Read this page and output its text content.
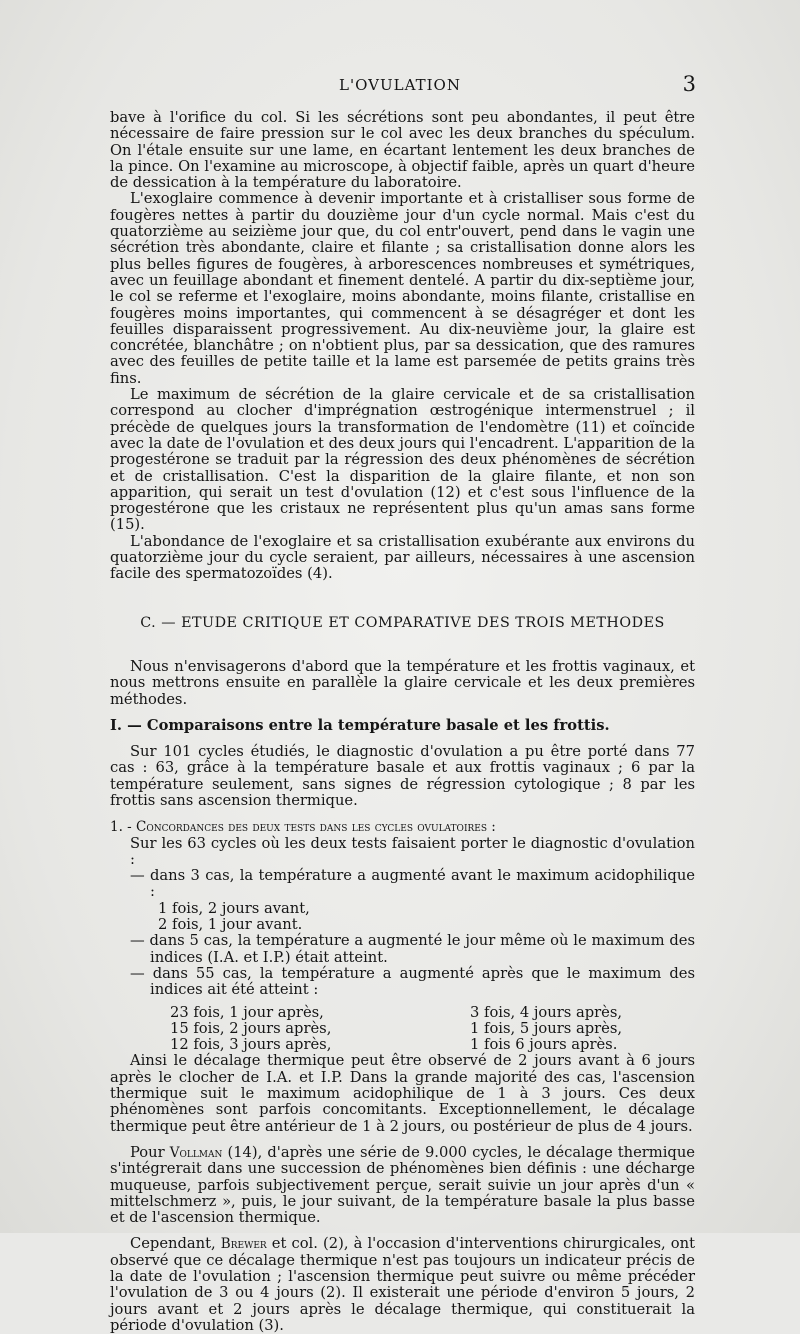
L'OVULATION	3

bave à l'orifice du col. Si les sécrétions sont peu abondantes, il peut être nécessaire de faire pression sur le col avec les deux branches du spéculum. On l'étale ensuite sur une lame, en écartant lentement les deux branches de la pince. On l'examine au microscope, à objectif faible, après un quart d'heure de dessication à la température du laboratoire.

L'exoglaire commence à devenir importante et à cristalliser sous forme de fougères nettes à partir du douzième jour d'un cycle normal. Mais c'est du quatorzième au seizième jour que, du col entr'ouvert, pend dans le vagin une sécrétion très abondante, claire et filante ; sa cristallisation donne alors les plus belles figures de fougères, à arborescences nombreuses et symétriques, avec un feuillage abondant et finement dentelé. A partir du dix-septième jour, le col se referme et l'exoglaire, moins abondante, moins filante, cristallise en fougères moins importantes, qui commencent à se désagréger et dont les feuilles disparaissent progressivement. Au dix-neuvième jour, la glaire est concrétée, blanchâtre ; on n'obtient plus, par sa dessication, que des ramures avec des feuilles de petite taille et la lame est parsemée de petits grains très fins.

Le maximum de sécrétion de la glaire cervicale et de sa cristallisation correspond au clocher d'imprégnation œstrogénique intermenstruel ; il précède de quelques jours la transformation de l'endomètre (11) et coïncide avec la date de l'ovulation et des deux jours qui l'encadrent. L'apparition de la progestérone se traduit par la régression des deux phénomènes de sécrétion et de cristallisation. C'est la disparition de la glaire filante, et non son apparition, qui serait un test d'ovulation (12) et c'est sous l'influence de la progestérone que les cristaux ne représentent plus qu'un amas sans forme (15).

L'abondance de l'exoglaire et sa cristallisation exubérante aux environs du quatorzième jour du cycle seraient, par ailleurs, nécessaires à une ascension facile des spermatozoïdes (4).

C. — ETUDE CRITIQUE ET COMPARATIVE DES TROIS METHODES

Nous n'envisagerons d'abord que la température et les frottis vaginaux, et nous mettrons ensuite en parallèle la glaire cervicale et les deux premières méthodes.

I. — Comparaisons entre la température basale et les frottis.

Sur 101 cycles étudiés, le diagnostic d'ovulation a pu être porté dans 77 cas : 63, grâce à la température basale et aux frottis vaginaux ; 6 par la température seulement, sans signes de régression cytologique ; 8 par les frottis sans ascension thermique.

1. - Concordances des deux tests dans les cycles ovulatoires :

Sur les 63 cycles où les deux tests faisaient porter le diagnostic d'ovulation :

— dans 3 cas, la température a augmenté avant le maximum acidophilique :

1 fois, 2 jours avant,

2 fois, 1 jour avant.

— dans 5 cas, la température a augmenté le jour même où le maximum des indices (I.A. et I.P.) était atteint.

— dans 55 cas, la température a augmenté après que le maximum des indices ait été atteint :

23 fois, 1 jour après,
15 fois, 2 jours après,
12 fois, 3 jours après,
3 fois, 4 jours après,
1 fois, 5 jours après,
1 fois 6 jours après.

Ainsi le décalage thermique peut être observé de 2 jours avant à 6 jours après le clocher de I.A. et I.P. Dans la grande majorité des cas, l'ascension thermique suit le maximum acidophilique de 1 à 3 jours. Ces deux phénomènes sont parfois concomitants. Exceptionnellement, le décalage thermique peut être antérieur de 1 à 2 jours, ou postérieur de plus de 4 jours.

Pour Vollman (14), d'après une série de 9.000 cycles, le décalage thermique s'intégrerait dans une succession de phénomènes bien définis : une décharge muqueuse, parfois subjectivement perçue, serait suivie un jour après d'un « mittelschmerz », puis, le jour suivant, de la température basale la plus basse et de l'ascension thermique.

Cependant, Brewer et col. (2), à l'occasion d'interventions chirurgicales, ont observé que ce décalage thermique n'est pas toujours un indicateur précis de la date de l'ovulation ; l'ascension thermique peut suivre ou même précéder l'ovulation de 3 ou 4 jours (2). Il existerait une période d'environ 5 jours, 2 jours avant et 2 jours après le décalage thermique, qui constituerait la période d'ovulation (3).
